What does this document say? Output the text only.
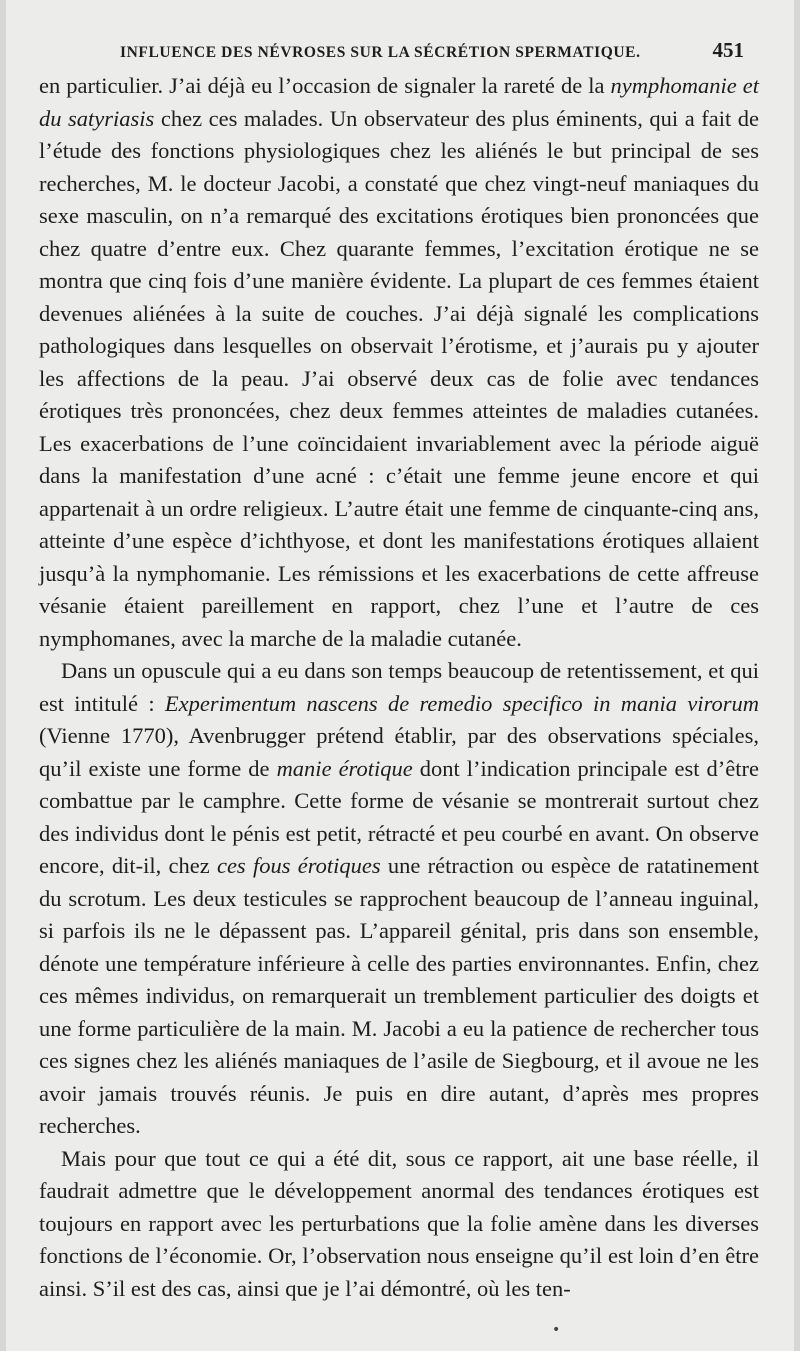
INFLUENCE DES NÉVROSES SUR LA SÉCRÉTION SPERMATIQUE.	451

en particulier. J’ai déjà eu l’occasion de signaler la rareté de la nymphomanie et du satyriasis chez ces malades. Un observateur des plus éminents, qui a fait de l’étude des fonctions physiologiques chez les aliénés le but principal de ses recherches, M. le docteur Jacobi, a constaté que chez vingt-neuf maniaques du sexe masculin, on n’a remarqué des excitations érotiques bien prononcées que chez quatre d’entre eux. Chez quarante femmes, l’excitation érotique ne se montra que cinq fois d’une manière évidente. La plupart de ces femmes étaient devenues aliénées à la suite de couches. J’ai déjà signalé les complications pathologiques dans lesquelles on observait l’érotisme, et j’aurais pu y ajouter les affections de la peau. J’ai observé deux cas de folie avec tendances érotiques très prononcées, chez deux femmes atteintes de maladies cutanées. Les exacerbations de l’une coïncidaient invariablement avec la période aiguë dans la manifestation d’une acné : c’était une femme jeune encore et qui appartenait à un ordre religieux. L’autre était une femme de cinquante-cinq ans, atteinte d’une espèce d’ichthyose, et dont les manifestations érotiques allaient jusqu’à la nymphomanie. Les rémissions et les exacerbations de cette affreuse vésanie étaient pareillement en rapport, chez l’une et l’autre de ces nymphomanes, avec la marche de la maladie cutanée.

Dans un opuscule qui a eu dans son temps beaucoup de retentissement, et qui est intitulé : Experimentum nascens de remedio specifico in mania virorum (Vienne 1770), Avenbrugger prétend établir, par des observations spéciales, qu’il existe une forme de manie érotique dont l’indication principale est d’être combattue par le camphre. Cette forme de vésanie se montrerait surtout chez des individus dont le pénis est petit, rétracté et peu courbé en avant. On observe encore, dit-il, chez ces fous érotiques une rétraction ou espèce de ratatinement du scrotum. Les deux testicules se rapprochent beaucoup de l’anneau inguinal, si parfois ils ne le dépassent pas. L’appareil génital, pris dans son ensemble, dénote une température inférieure à celle des parties environnantes. Enfin, chez ces mêmes individus, on remarquerait un tremblement particulier des doigts et une forme particulière de la main. M. Jacobi a eu la patience de rechercher tous ces signes chez les aliénés maniaques de l’asile de Siegbourg, et il avoue ne les avoir jamais trouvés réunis. Je puis en dire autant, d’après mes propres recherches.

Mais pour que tout ce qui a été dit, sous ce rapport, ait une base réelle, il faudrait admettre que le développement anormal des tendances érotiques est toujours en rapport avec les perturbations que la folie amène dans les diverses fonctions de l’économie. Or, l’observation nous enseigne qu’il est loin d’en être ainsi. S’il est des cas, ainsi que je l’ai démontré, où les ten-

•
